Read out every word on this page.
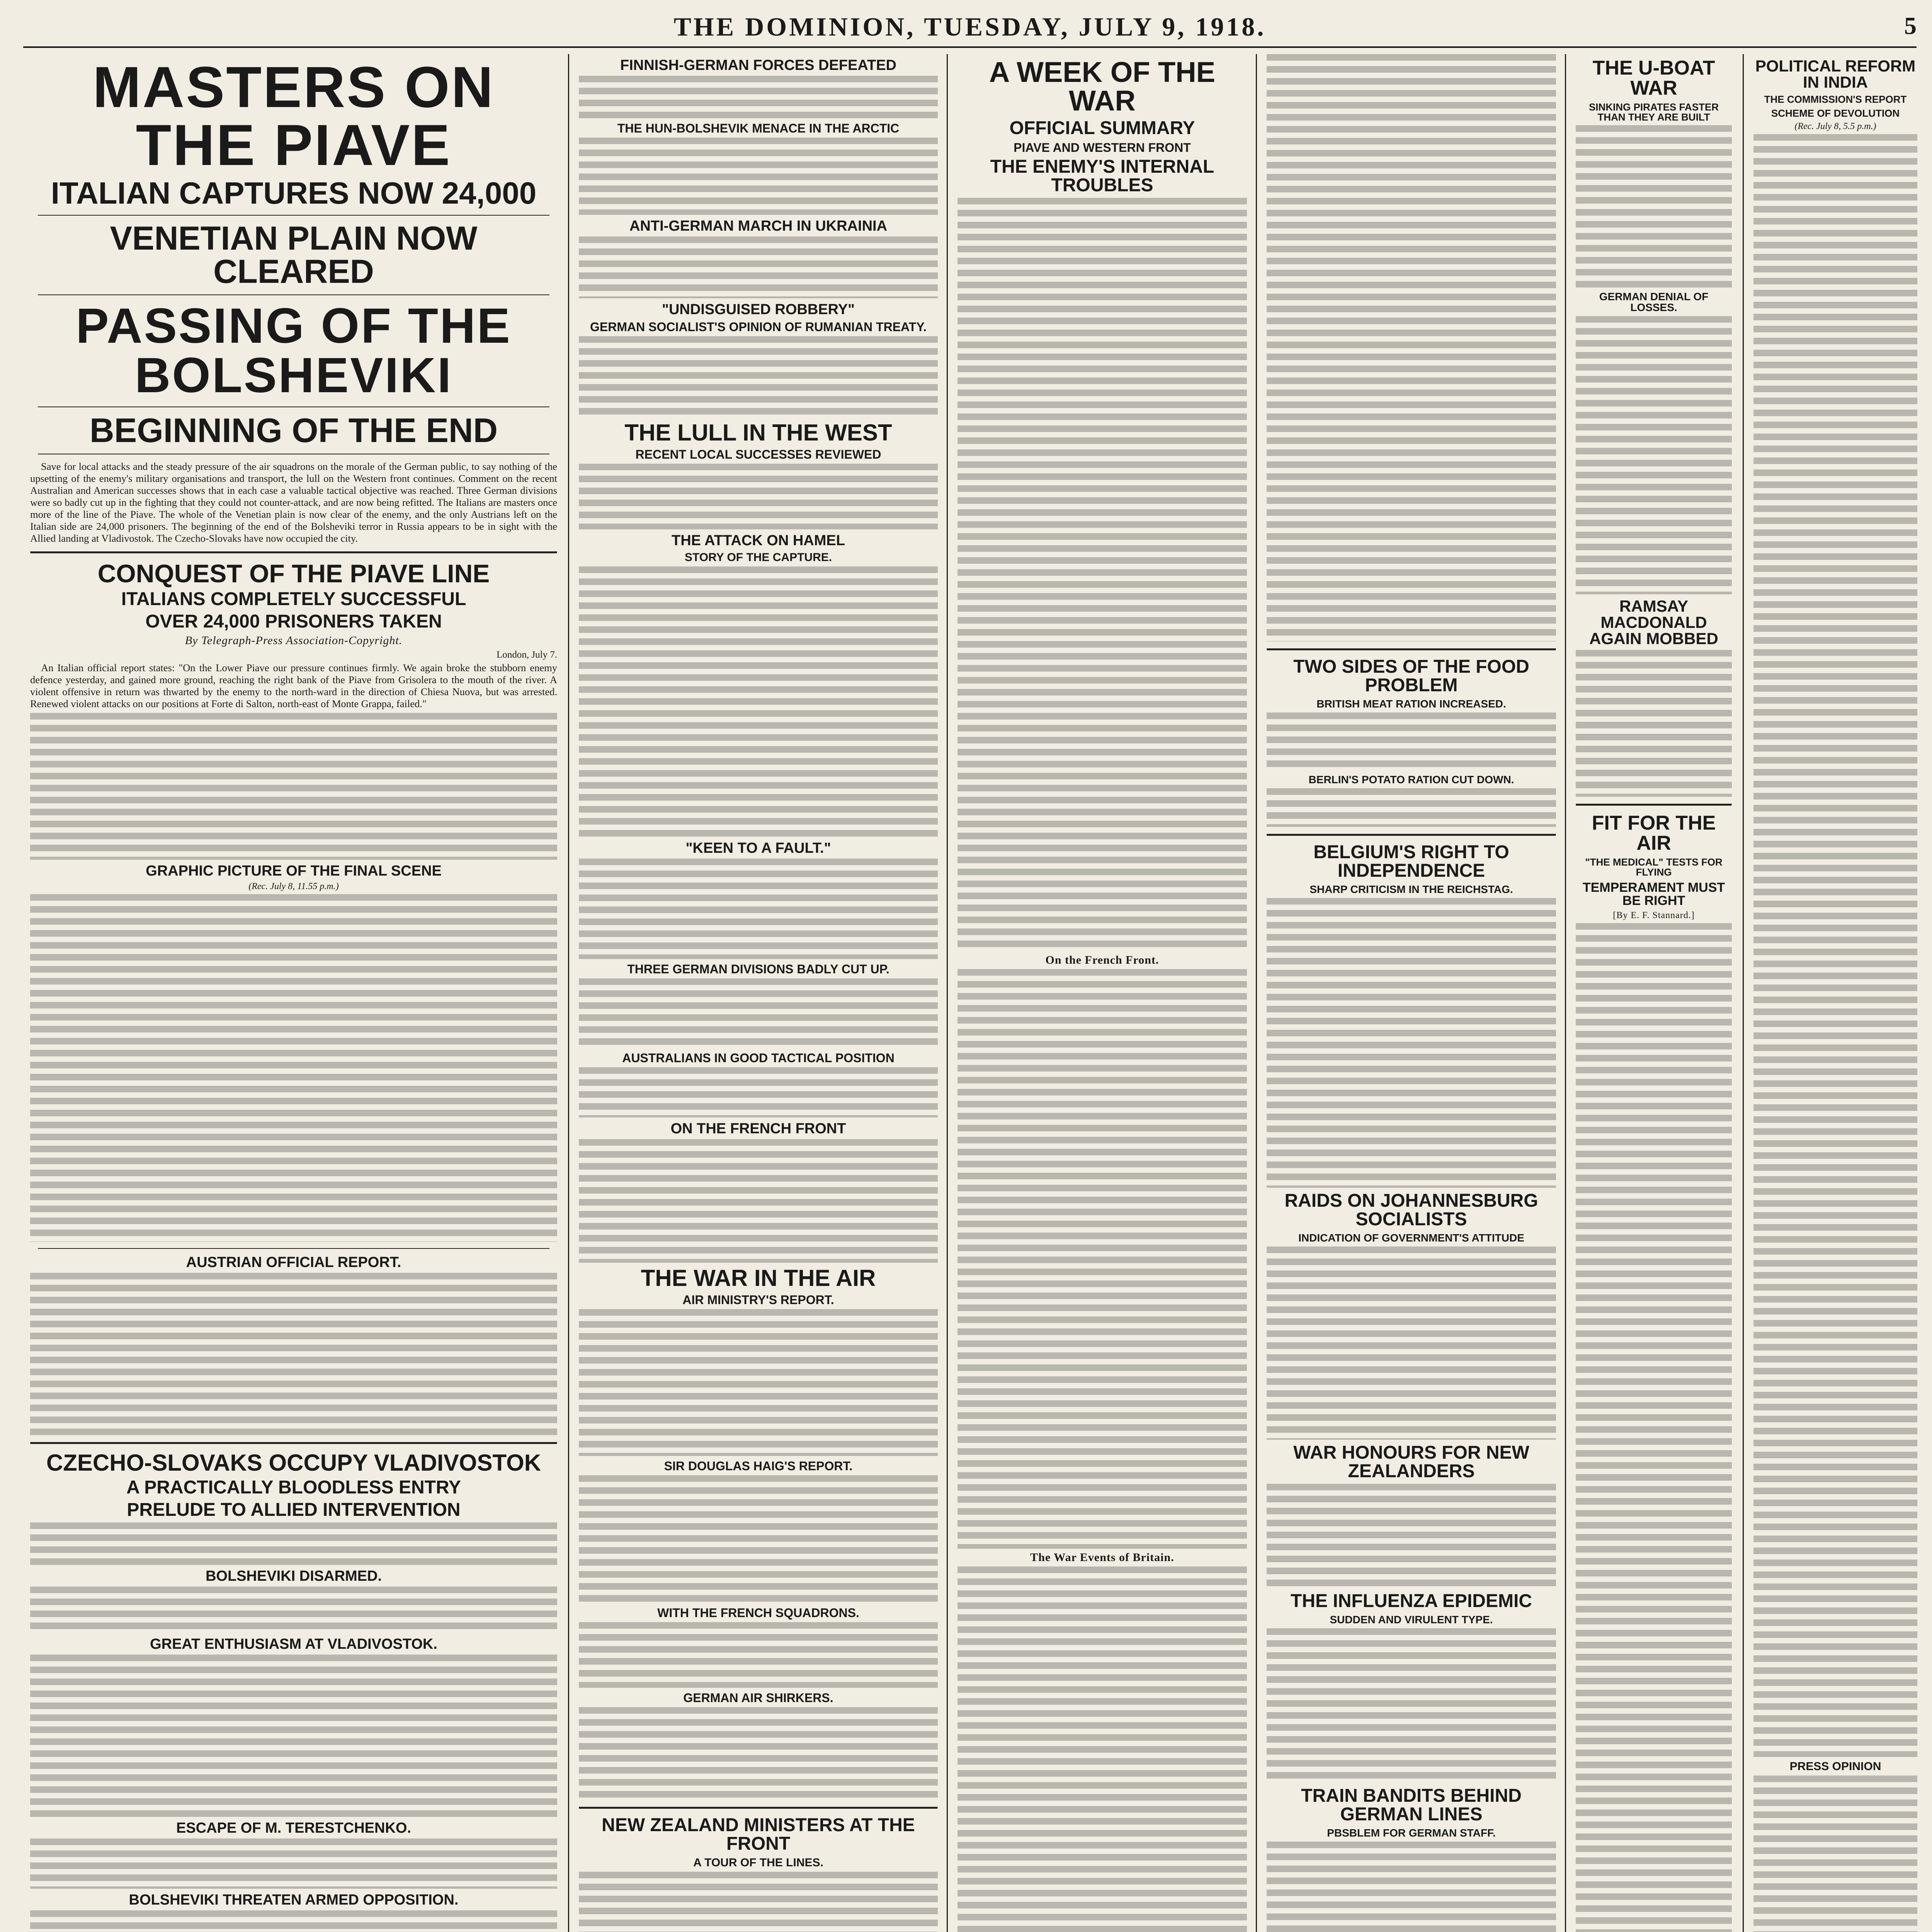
THE DOMINION, TUESDAY, JULY 9, 1918.	5
MASTERS ON THE PIAVE
ITALIAN CAPTURES NOW 24,000
VENETIAN PLAIN NOW CLEARED
PASSING OF THE BOLSHEVIKI
BEGINNING OF THE END

Save for local attacks and the steady pressure of the air squadrons on the morale of the German public, to say nothing of the upsetting of the enemy's military organisations and transport, the lull on the Western front continues. Comment on the recent Australian and American successes shows that in each case a valuable tactical objective was reached. Three German divisions were so badly cut up in the fighting that they could not counter-attack, and are now being refitted. The Italians are masters once more of the line of the Piave. The whole of the Venetian plain is now clear of the enemy, and the only Austrians left on the Italian side are 24,000 prisoners. The beginning of the end of the Bolsheviki terror in Russia appears to be in sight with the Allied landing at Vladivostok. The Czecho-Slovaks have now occupied the city.

CONQUEST OF THE PIAVE LINE
ITALIANS COMPLETELY SUCCESSFUL
OVER 24,000 PRISONERS TAKEN
By Telegraph-Press Association-Copyright.
London, July 7.

An Italian official report states: "On the Lower Piave our pressure continues firmly. We again broke the stubborn enemy defence yesterday, and gained more ground, reaching the right bank of the Piave from Grisolera to the mouth of the river. A violent offensive in return was thwarted by the enemy to the north-ward in the direction of Chiesa Nuova, but was arrested. Renewed violent attacks on our positions at Forte di Salton, north-east of Monte Grappa, failed."

GRAPHIC PICTURE OF THE FINAL SCENE
(Rec. July 8, 11.55 p.m.)
AUSTRIAN OFFICIAL REPORT.
CZECHO-SLOVAKS OCCUPY VLADIVOSTOK
A PRACTICALLY BLOODLESS ENTRY
PRELUDE TO ALLIED INTERVENTION
BOLSHEVIKI DISARMED.
GREAT ENTHUSIASM AT VLADIVOSTOK.
ESCAPE OF M. TERESTCHENKO.
BOLSHEVIKI THREATEN ARMED OPPOSITION.
FINNISH-GERMAN FORCES DEFEATED
THE HUN-BOLSHEVIK MENACE IN THE ARCTIC
ANTI-GERMAN MARCH IN UKRAINIA
"UNDISGUISED ROBBERY"
GERMAN SOCIALIST'S OPINION OF RUMANIAN TREATY.
THE LULL IN THE WEST
RECENT LOCAL SUCCESSES REVIEWED
THE ATTACK ON HAMEL
STORY OF THE CAPTURE.
"KEEN TO A FAULT."
THREE GERMAN DIVISIONS BADLY CUT UP.
AUSTRALIANS IN GOOD TACTICAL POSITION
ON THE FRENCH FRONT
THE WAR IN THE AIR
AIR MINISTRY'S REPORT.
SIR DOUGLAS HAIG'S REPORT.
WITH THE FRENCH SQUADRONS.
GERMAN AIR SHIRKERS.
NEW ZEALAND MINISTERS AT THE FRONT
A TOUR OF THE LINES.
A WEEK OF THE WAR
OFFICIAL SUMMARY
PIAVE AND WESTERN FRONT
THE ENEMY'S INTERNAL TROUBLES
On the French Front.
The War Events of Britain.
TWO SIDES OF THE FOOD PROBLEM
BRITISH MEAT RATION INCREASED.
BERLIN'S POTATO RATION CUT DOWN.
BELGIUM'S RIGHT TO INDEPENDENCE
SHARP CRITICISM IN THE REICHSTAG.
RAIDS ON JOHANNESBURG SOCIALISTS
INDICATION OF GOVERNMENT'S ATTITUDE
WAR HONOURS FOR NEW ZEALANDERS
THE INFLUENZA EPIDEMIC
SUDDEN AND VIRULENT TYPE.
TRAIN BANDITS BEHIND GERMAN LINES
PBSBLEM FOR GERMAN STAFF.
THE U-BOAT WAR
SINKING PIRATES FASTER THAN THEY ARE BUILT
GERMAN DENIAL OF LOSSES.
RAMSAY MACDONALD AGAIN MOBBED
FIT FOR THE AIR
"THE MEDICAL" TESTS FOR FLYING
TEMPERAMENT MUST BE RIGHT
[By E. F. Stannard.]
POLITICAL REFORM IN INDIA
THE COMMISSION'S REPORT
SCHEME OF DEVOLUTION
(Rec. July 8, 5.5 p.m.)
PRESS OPINION
